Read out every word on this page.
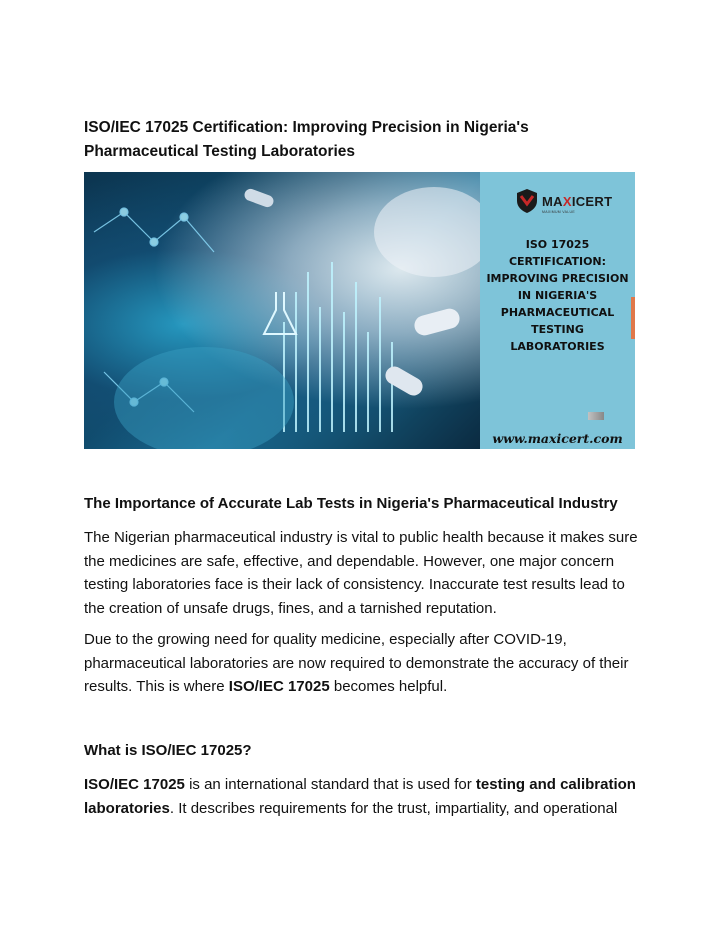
ISO/IEC 17025 Certification: Improving Precision in Nigeria's Pharmaceutical Testing Laboratories
MAXICERT
MAXIMUM VALUE
ISO 17025
CERTIFICATION:
IMPROVING PRECISION
IN NIGERIA'S
PHARMACEUTICAL
TESTING
LABORATORIES
www.maxicert.com
The Importance of Accurate Lab Tests in Nigeria's Pharmaceutical Industry
The Nigerian pharmaceutical industry is vital to public health because it makes sure the medicines are safe, effective, and dependable. However, one major concern testing laboratories face is their lack of consistency. Inaccurate test results lead to the creation of unsafe drugs, fines, and a tarnished reputation.
Due to the growing need for quality medicine, especially after COVID-19, pharmaceutical laboratories are now required to demonstrate the accuracy of their results. This is where ISO/IEC 17025 becomes helpful.
What is ISO/IEC 17025?
ISO/IEC 17025 is an international standard that is used for testing and calibration laboratories. It describes requirements for the trust, impartiality, and operational
